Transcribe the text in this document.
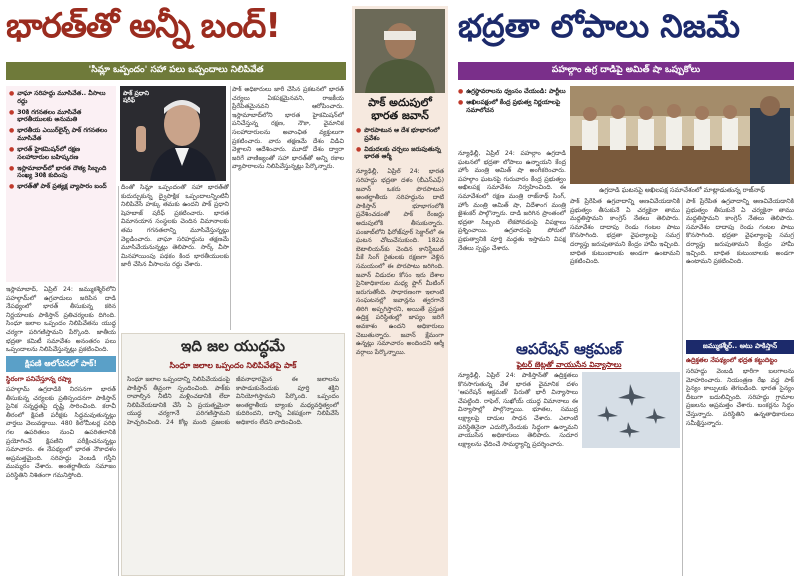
భారత్‌తో అన్నీ బంద్!
'సిమ్లా ఒప్పందం' సహా పలు ఒప్పందాలు నిలిపివేత
● వాఘా సరిహద్దు మూసివేత.. వీసాలు రద్దు
● 30కి గగనతలం మూసివేత భారతీయులకు అనుమతి
● భారతీయ ఎయిర్‌లైన్స్ పాక్ గగనతలం మూసివేత
● భారత్ హైకమిషన్‌లో రక్షణ సలహాదారుల బహిష్కరణ
● ఇస్లామాబాద్‌లో భారత దౌత్య సిబ్బంది సంఖ్య 30కి కుదింపు
● భారత్‌తో పాక్ ప్రత్యక్ష వ్యాపారం బంద్
పాక్ ప్రధాని షరీఫ్
ఇస్లామాబాద్, ఏప్రిల్ 24: జమ్ముకశ్మీర్‌లోని పహల్గామ్‌లో ఉగ్రవాదులు జరిపిన దాడి నేపథ్యంలో భారత్ తీసుకున్న కఠిన నిర్ణయాలకు పాకిస్తాన్ ప్రతిచర్యలకు దిగింది. సింధూ జలాల ఒప్పందం నిలిపివేతను యుద్ధ చర్యగా పరిగణిస్తామని పేర్కొంది. జాతీయ భద్రతా కమిటీ సమావేశం అనంతరం పలు ఒప్పందాలను నిలిపివేస్తున్నట్లు ప్రకటించింది.
క్షిపణి ఆలోచనలో పాక్!
స్థిరంగా పనిచేస్తూన్న రష్యా
పహల్గామ్ ఉగ్రదాడికి నిరసనగా భారత్ తీసుకున్న చర్యలకు ప్రతిస్పందనగా పాకిస్తాన్ సైనిక సన్నద్ధతపై దృష్టి సారించింది. కరాచీ తీరంలో క్షిపణి పరీక్షకు సిద్ధమవుతున్నట్లు వార్తలు వెలువడ్డాయి. 480 కిలోమీటర్ల పరిధి గల ఉపరితలం నుంచి ఉపరితలానికి ప్రయోగించే క్షిపణిని పరీక్షించనున్నట్లు సమాచారం. ఈ నేపథ్యంలో భారత నౌకాదళం అప్రమత్తమైంది. సరిహద్దు వెంబడి గస్తీని ముమ్మరం చేశారు. అంతర్జాతీయ సమాజం పరిస్థితిని నిశితంగా గమనిస్తోంది.
దీంతో సిమ్లా ఒప్పందంతో సహా భారత్‌తో కుదుర్చుకున్న ద్వైపాక్షిక ఒప్పందాలన్నింటినీ నిలిపివేసే హక్కు తమకు ఉందని పాక్ ప్రధాని షెహబాజ్ షరీఫ్ ప్రకటించారు. భారత విమానయాన సంస్థలకు చెందిన విమానాలకు తమ గగనతలాన్ని మూసివేస్తున్నట్లు వెల్లడించారు. వాఘా సరిహద్దును తక్షణమే మూసివేయనున్నట్లు తెలిపారు. సార్క్ వీసా మినహాయింపు పథకం కింద భారతీయులకు జారీ చేసిన వీసాలను రద్దు చేశారు.
పాక్ అధికారులు జారీ చేసిన ప్రకటనలో భారత్ చర్యలు ఏకపక్షమైనవని, రాజకీయ ప్రేరేపితమైనవని ఆరోపించారు. ఇస్లామాబాద్‌లోని భారత హైకమిషన్‌లో పనిచేస్తున్న రక్షణ, నౌకా, వైమానిక సలహాదారులను అవాంఛిత వ్యక్తులుగా ప్రకటించారు. వారు తక్షణమే దేశం విడిచి వెళ్లాలని ఆదేశించారు. మూడో దేశం ద్వారా జరిగే వాణిజ్యంతో సహా భారత్‌తో అన్ని రకాల వ్యాపారాలను నిలిపివేస్తున్నట్లు పేర్కొన్నారు.
ఇది జల యుద్ధమే
సింధూ జలాల ఒప్పందం నిలిపివేతపై పాక్
సింధూ జలాల ఒప్పందాన్ని నిలిపివేయడంపై పాకిస్తాన్ తీవ్రంగా స్పందించింది. పాక్‌కు రావాల్సిన నీటిని మళ్లించడానికి లేదా నిలిపివేయడానికి చేసే ఏ ప్రయత్నమైనా యుద్ధ చర్యగానే పరిగణిస్తామని హెచ్చరించింది. 24 కోట్ల మంది ప్రజలకు జీవనాధారమైన ఈ జలాలను కాపాడుకునేందుకు పూర్తి శక్తిని వినియోగిస్తామని పేర్కొంది. ఒప్పందం అంతర్జాతీయ బ్యాంకు మధ్యవర్తిత్వంలో కుదిరిందని, దాన్ని ఏకపక్షంగా నిలిపివేసే అధికారం లేదని వాదించింది.
పాక్ అదుపులో భారత జవాన్
● పొరపాటున ఆ దేశ భూభాగంలో ప్రవేశం
● విడుదలకు చర్చలు జరుపుతున్న భారత ఆర్మీ
న్యూఢిల్లీ, ఏప్రిల్ 24: భారత సరిహద్దు భద్రతా దళం (బీఎస్ఎఫ్) జవాన్ ఒకరు పొరపాటున అంతర్జాతీయ సరిహద్దును దాటి పాకిస్తాన్ భూభాగంలోకి ప్రవేశించడంతో పాక్ రేంజర్లు అదుపులోకి తీసుకున్నారు. పంజాబ్‌లోని ఫిరోజ్‌పూర్ సెక్టార్‌లో ఈ ఘటన చోటుచేసుకుంది. 182వ బెటాలియన్‌కు చెందిన కానిస్టేబుల్ పీకే సింగ్ రైతులకు రక్షణగా వెళ్లిన సమయంలో ఈ పొరపాటు జరిగింది. జవాన్ విడుదల కోసం ఇరు దేశాల సైనికాధికారుల మధ్య ఫ్లాగ్ మీటింగ్ జరుగుతోంది. సాధారణంగా ఇలాంటి సంఘటనల్లో జవాన్లను త్వరగానే తిరిగి అప్పగిస్తారని, అయితే ప్రస్తుత ఉద్రిక్త పరిస్థితుల్లో జాప్యం జరిగే అవకాశం ఉందని అధికారులు చెబుతున్నారు. జవాన్ క్షేమంగా ఉన్నట్లు సమాచారం అందిందని ఆర్మీ వర్గాలు పేర్కొన్నాయి.
భద్రతా లోపాలు నిజమే
పహల్గాం ఉగ్ర దాడిపై అమిత్ షా ఒప్పుకోలు
● ఉగ్రస్థావరాలను ధ్వంసం చేయండి: పార్టీలు
● అఖిలపక్షంలో కేంద్ర ప్రభుత్వ నిర్ణయాలపై సమాలోచన
ఉగ్రదాడి ఘటనపై అఖిలపక్ష సమావేశంలో మాట్లాడుతున్న రాజ్‌నాథ్
న్యూఢిల్లీ, ఏప్రిల్ 24: పహల్గాం ఉగ్రదాడి ఘటనలో భద్రతా లోపాలు ఉన్నాయని కేంద్ర హోం మంత్రి అమిత్ షా అంగీకరించారు. పహల్గాం ఘటనపై గురువారం కేంద్ర ప్రభుత్వం అఖిలపక్ష సమావేశం నిర్వహించింది. ఈ సమావేశంలో రక్షణ మంత్రి రాజ్‌నాథ్ సింగ్, హోం మంత్రి అమిత్ షా, విదేశాంగ మంత్రి జైశంకర్ పాల్గొన్నారు. దాడి జరిగిన ప్రాంతంలో భద్రతా సిబ్బంది లేకపోవడంపై విపక్షాలు ప్రశ్నించాయి. ఉగ్రవాదంపై పోరులో ప్రభుత్వానికి పూర్తి మద్దతు ఇస్తామని విపక్ష నేతలు స్పష్టం చేశారు.
పాక్ ప్రేరేపిత ఉగ్రవాదాన్ని అణచివేయడానికి ప్రభుత్వం తీసుకునే ఏ చర్యకైనా తాము మద్దతిస్తామని కాంగ్రెస్ నేతలు తెలిపారు. సమావేశం దాదాపు రెండు గంటల పాటు కొనసాగింది. భద్రతా వైఫల్యాలపై సమగ్ర దర్యాప్తు జరుపుతామని కేంద్రం హామీ ఇచ్చింది. బాధిత కుటుంబాలకు అండగా ఉంటామని ప్రకటించింది.
ఆపరేషన్ ఆక్రమణ్
ఫైటర్ జెట్లతో వాయుసేన విన్యాసాలు
న్యూఢిల్లీ, ఏప్రిల్ 24: పాకిస్తాన్‌తో ఉద్రిక్తతలు కొనసాగుతున్న వేళ భారత వైమానిక దళం 'ఆపరేషన్ ఆక్రమణ్' పేరుతో భారీ విన్యాసాలు చేపట్టింది. రాఫెల్, సుఖోయ్ యుద్ధ విమానాలు ఈ విన్యాసాల్లో పాల్గొన్నాయి. భూతల, సముద్ర లక్ష్యాలపై దాడుల సాధన చేశారు. ఎలాంటి పరిస్థితినైనా ఎదుర్కొనేందుకు సిద్ధంగా ఉన్నామని వాయుసేన అధికారులు తెలిపారు. సుదూర లక్ష్యాలను ఛేదించే సామర్థ్యాన్ని ప్రదర్శించారు.
జమ్ముకశ్మీర్‌.. అటు పాకిస్తాన్‌
ఉద్రిక్తతల నేపథ్యంలో భద్రత కట్టుదిట్టం
సరిహద్దు వెంబడి భారీగా బలగాలను మోహరించారు. నియంత్రణ రేఖ వద్ద పాక్ సైన్యం కాల్పులకు తెగబడింది. భారత సైన్యం దీటుగా బదులిచ్చింది. సరిహద్దు గ్రామాల ప్రజలను అప్రమత్తం చేశారు. బంకర్లను సిద్ధం చేస్తున్నారు. పరిస్థితిని ఉన్నతాధికారులు సమీక్షిస్తున్నారు.
పాక్ ప్రేరేపిత ఉగ్రవాదాన్ని అణచివేయడానికి ప్రభుత్వం తీసుకునే ఏ చర్యకైనా తాము మద్దతిస్తామని కాంగ్రెస్ నేతలు తెలిపారు. సమావేశం దాదాపు రెండు గంటల పాటు కొనసాగింది. భద్రతా వైఫల్యాలపై సమగ్ర దర్యాప్తు జరుపుతామని కేంద్రం హామీ ఇచ్చింది. బాధిత కుటుంబాలకు అండగా ఉంటామని ప్రకటించింది.
